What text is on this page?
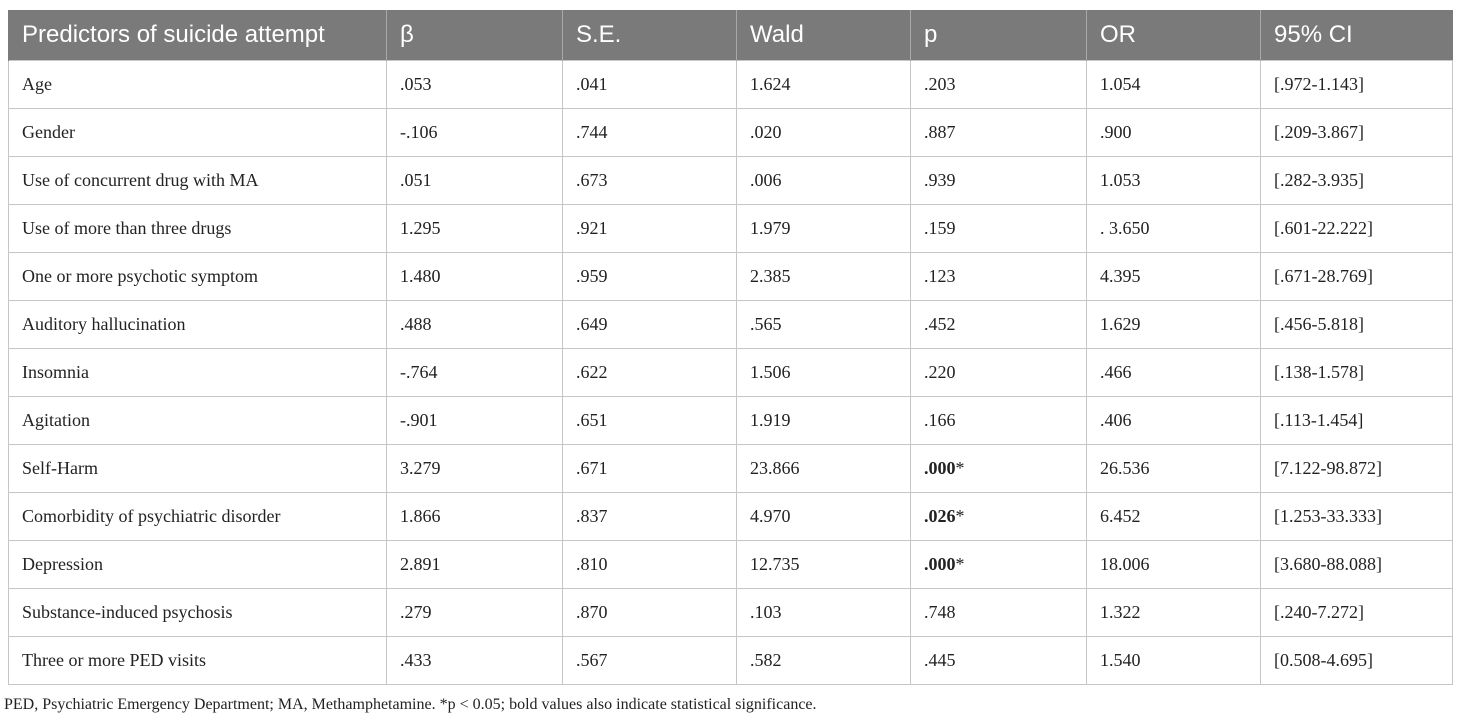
Predictors of suicide attempt	β	S.E.	Wald	p	OR	95% CI
Age	.053	.041	1.624	.203	1.054	[.972-1.143]
Gender	-.106	.744	.020	.887	.900	[.209-3.867]
Use of concurrent drug with MA	.051	.673	.006	.939	1.053	[.282-3.935]
Use of more than three drugs	1.295	.921	1.979	.159	. 3.650	[.601-22.222]
One or more psychotic symptom	1.480	.959	2.385	.123	4.395	[.671-28.769]
Auditory hallucination	.488	.649	.565	.452	1.629	[.456-5.818]
Insomnia	-.764	.622	1.506	.220	.466	[.138-1.578]
Agitation	-.901	.651	1.919	.166	.406	[.113-1.454]
Self-Harm	3.279	.671	23.866	.000*	26.536	[7.122-98.872]
Comorbidity of psychiatric disorder	1.866	.837	4.970	.026*	6.452	[1.253-33.333]
Depression	2.891	.810	12.735	.000*	18.006	[3.680-88.088]
Substance-induced psychosis	.279	.870	.103	.748	1.322	[.240-7.272]
Three or more PED visits	.433	.567	.582	.445	1.540	[0.508-4.695]
PED, Psychiatric Emergency Department; MA, Methamphetamine. *p < 0.05; bold values also indicate statistical significance.
